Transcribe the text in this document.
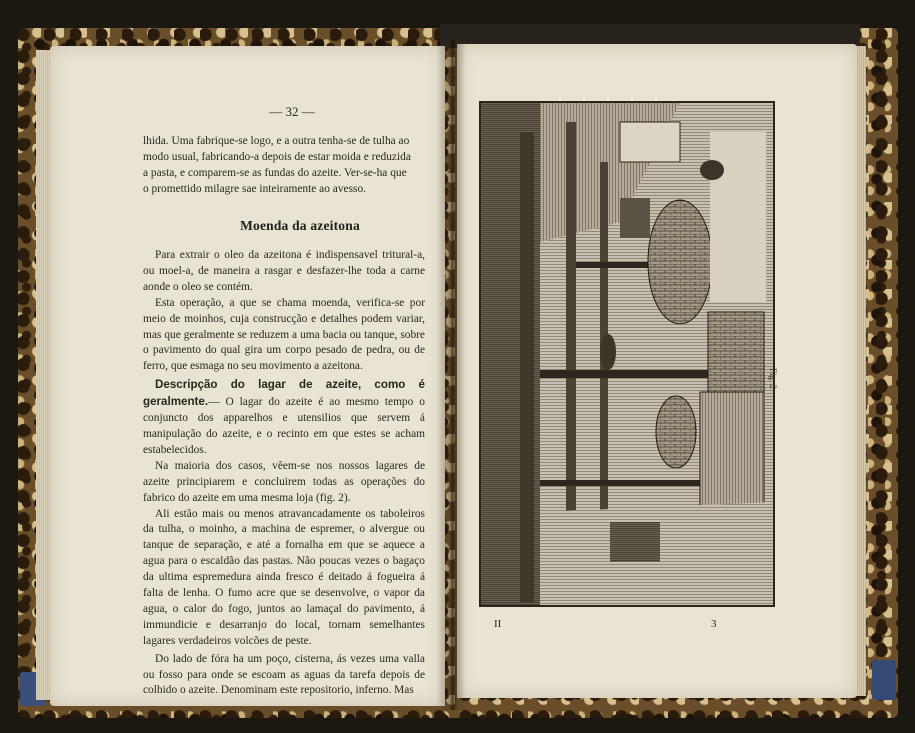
— 32 —

lhida. Uma fabrique-se logo, e a outra tenha-se de tulha ao

modo usual, fabricando-a depois de estar moida e reduzida

a pasta, e comparem-se as fundas do azeite. Ver-se-ha que

o promettido milagre sae inteiramente ao avesso.

Moenda da azeitona

Para extrair o oleo da azeitona é indispensavel tritural-a, ou moel-a, de maneira a rasgar e desfazer-lhe toda a carne aonde o oleo se contém.

Esta operação, a que se chama moenda, verifica-se por meio de moinhos, cuja construcção e detalhes podem variar, mas que geralmente se reduzem a uma bacia ou tanque, sobre o pavimento do qual gira um corpo pesado de pedra, ou de ferro, que esmaga no seu movimento a azeitona.

Descripção do lagar de azeite, como é geralmente.— O lagar do azeite é ao mesmo tempo o conjuncto dos apparelhos e utensilios que servem á manipulação do azeite, e o recinto em que estes se acham estabelecidos.

Na maioria dos casos, vêem-se nos nossos lagares de azeite principiarem e concluirem todas as operações do fabrico do azeite em uma mesma loja (fig. 2).

Ali estão mais ou menos atravancadamente os taboleiros da tulha, o moinho, a machina de espremer, o alvergue ou tanque de separação, e até a fornalha em que se aquece a agua para o escaldão das pastas. Não poucas vezes o bagaço da ultima espremedura ainda fresco é deitado á fogueira á falta de lenha. O fumo acre que se desenvolve, o vapor da agua, o calor do fogo, juntos ao lamaçal do pavimento, á immundicie e desarranjo do local, tornam semelhantes lagares verdadeiros volcões de peste.

Do lado de fóra ha um poço, cisterna, ás vezes uma valla ou fosso para onde se escoam as aguas da tarefa depois de colhido o azeite. Denominam este repositorio, inferno. Mas

Fig. 2
II	3
